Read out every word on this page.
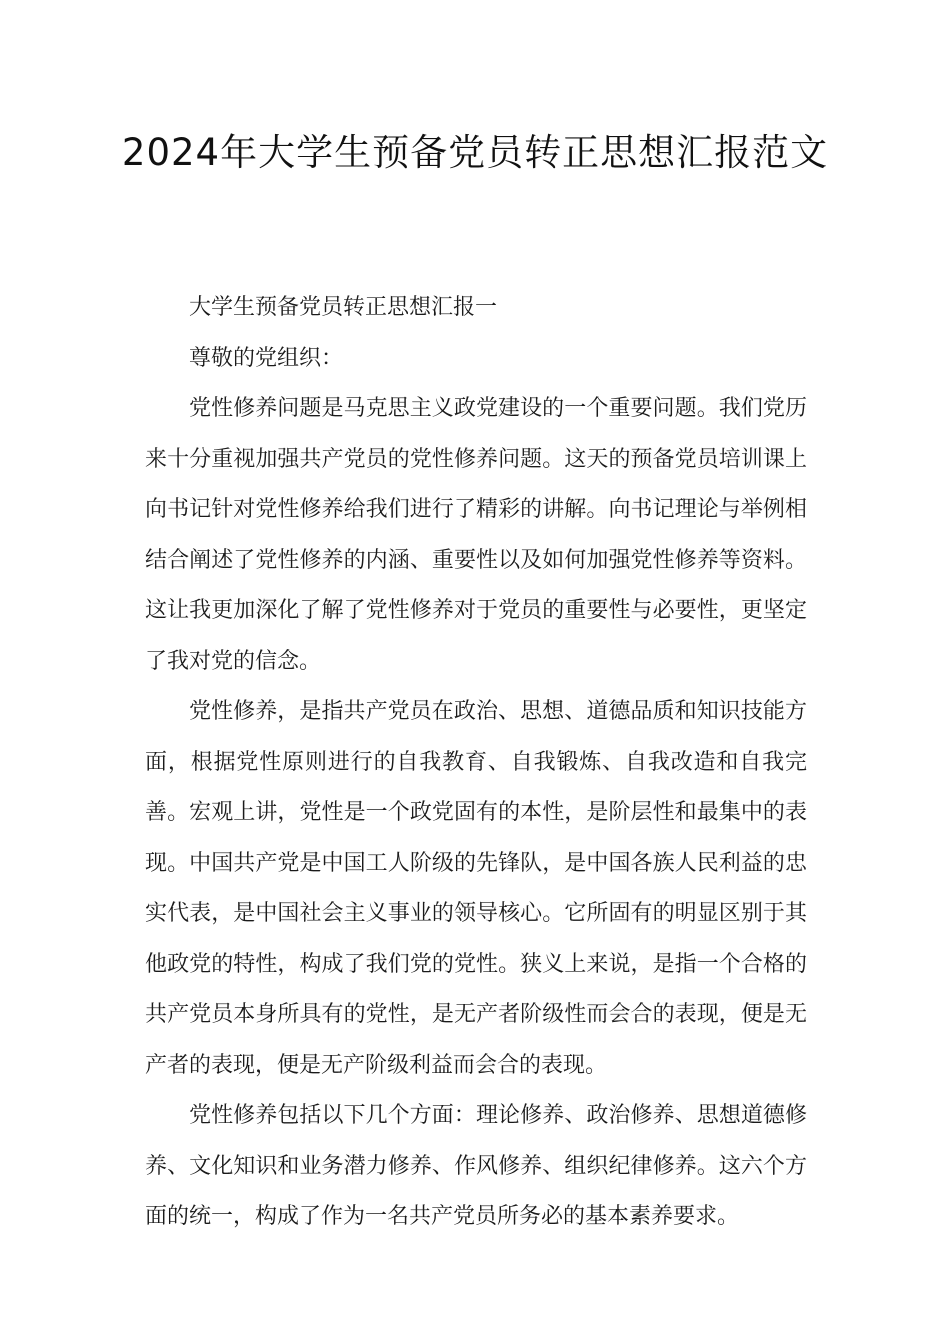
2024年大学生预备党员转正思想汇报范文

大学生预备党员转正思想汇报一

尊敬的党组织：

党性修养问题是马克思主义政党建设的一个重要问题。我们党历来十分重视加强共产党员的党性修养问题。这天的预备党员培训课上向书记针对党性修养给我们进行了精彩的讲解。向书记理论与举例相结合阐述了党性修养的内涵、重要性以及如何加强党性修养等资料。这让我更加深化了解了党性修养对于党员的重要性与必要性，更坚定了我对党的信念。

党性修养，是指共产党员在政治、思想、道德品质和知识技能方面，根据党性原则进行的自我教育、自我锻炼、自我改造和自我完善。宏观上讲，党性是一个政党固有的本性，是阶层性和最集中的表现。中国共产党是中国工人阶级的先锋队，是中国各族人民利益的忠实代表，是中国社会主义事业的领导核心。它所固有的明显区别于其他政党的特性，构成了我们党的党性。狭义上来说，是指一个合格的共产党员本身所具有的党性，是无产者阶级性而会合的表现，便是无产者的表现，便是无产阶级利益而会合的表现。

党性修养包括以下几个方面：理论修养、政治修养、思想道德修养、文化知识和业务潜力修养、作风修养、组织纪律修养。这六个方面的统一，构成了作为一名共产党员所务必的基本素养要求。
